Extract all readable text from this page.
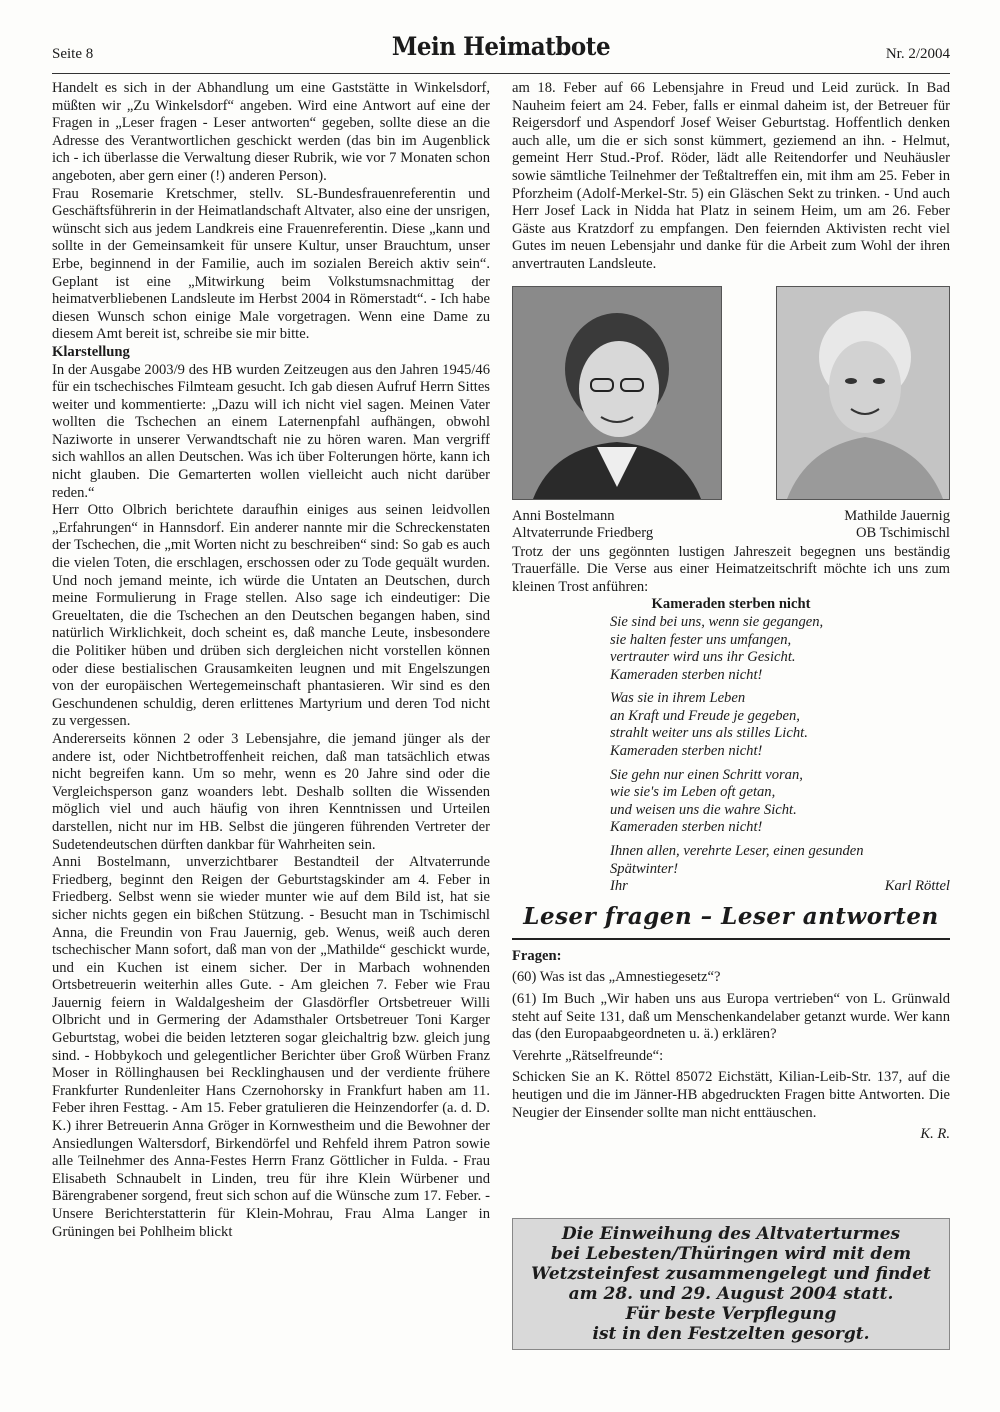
Seite 8	Mein Heimatbote	Nr. 2/2004

Handelt es sich in der Abhandlung um eine Gaststätte in Winkelsdorf, müßten wir „Zu Winkelsdorf“ angeben. Wird eine Antwort auf eine der Fragen in „Leser fragen - Leser antworten“ gegeben, sollte diese an die Adresse des Verantwortlichen geschickt werden (das bin im Augenblick ich - ich überlasse die Verwaltung dieser Rubrik, wie vor 7 Monaten schon angeboten, aber gern einer (!) anderen Person).

Frau Rosemarie Kretschmer, stellv. SL-Bundesfrauenreferentin und Geschäftsführerin in der Heimatlandschaft Altvater, also eine der unsrigen, wünscht sich aus jedem Landkreis eine Frauenreferentin. Diese „kann und sollte in der Gemeinsamkeit für unsere Kultur, unser Brauchtum, unser Erbe, beginnend in der Familie, auch im sozialen Bereich aktiv sein“. Geplant ist eine „Mitwirkung beim Volkstumsnachmittag der heimatverbliebenen Landsleute im Herbst 2004 in Römerstadt“. - Ich habe diesen Wunsch schon einige Male vorgetragen. Wenn eine Dame zu diesem Amt bereit ist, schreibe sie mir bitte.

Klarstellung

In der Ausgabe 2003/9 des HB wurden Zeitzeugen aus den Jahren 1945/46 für ein tschechisches Filmteam gesucht. Ich gab diesen Aufruf Herrn Sittes weiter und kommentierte: „Dazu will ich nicht viel sagen. Meinen Vater wollten die Tschechen an einem Laternenpfahl aufhängen, obwohl Naziworte in unserer Verwandtschaft nie zu hören waren. Man vergriff sich wahllos an allen Deutschen. Was ich über Folterungen hörte, kann ich nicht glauben. Die Gemarterten wollen vielleicht auch nicht darüber reden.“

Herr Otto Olbrich berichtete daraufhin einiges aus seinen leidvollen „Erfahrungen“ in Hannsdorf. Ein anderer nannte mir die Schreckenstaten der Tschechen, die „mit Worten nicht zu beschreiben“ sind: So gab es auch die vielen Toten, die erschlagen, erschossen oder zu Tode gequält wurden. Und noch jemand meinte, ich würde die Untaten an Deutschen, durch meine Formulierung in Frage stellen. Also sage ich eindeutiger: Die Greueltaten, die die Tschechen an den Deutschen begangen haben, sind natürlich Wirklichkeit, doch scheint es, daß manche Leute, insbesondere die Politiker hüben und drüben sich dergleichen nicht vorstellen können oder diese bestialischen Grausamkeiten leugnen und mit Engelszungen von der europäischen Wertegemeinschaft phantasieren. Wir sind es den Geschundenen schuldig, deren erlittenes Martyrium und deren Tod nicht zu vergessen.

Andererseits können 2 oder 3 Lebensjahre, die jemand jünger als der andere ist, oder Nichtbetroffenheit reichen, daß man tatsächlich etwas nicht begreifen kann. Um so mehr, wenn es 20 Jahre sind oder die Vergleichsperson ganz woanders lebt. Deshalb sollten die Wissenden möglich viel und auch häufig von ihren Kenntnissen und Urteilen darstellen, nicht nur im HB. Selbst die jüngeren führenden Vertreter der Sudetendeutschen dürften dankbar für Wahrheiten sein.

Anni Bostelmann, unverzichtbarer Bestandteil der Altvaterrunde Friedberg, beginnt den Reigen der Geburtstagskinder am 4. Feber in Friedberg. Selbst wenn sie wieder munter wie auf dem Bild ist, hat sie sicher nichts gegen ein bißchen Stützung. - Besucht man in Tschimischl Anna, die Freundin von Frau Jauernig, geb. Wenus, weiß auch deren tschechischer Mann sofort, daß man von der „Mathilde“ geschickt wurde, und ein Kuchen ist einem sicher. Der in Marbach wohnenden Ortsbetreuerin weiterhin alles Gute. - Am gleichen 7. Feber wie Frau Jauernig feiern in Waldalgesheim der Glasdörfler Ortsbetreuer Willi Olbricht und in Germering der Adamsthaler Ortsbetreuer Toni Karger Geburtstag, wobei die beiden letzteren sogar gleichaltrig bzw. gleich jung sind. - Hobbykoch und gelegentlicher Berichter über Groß Würben Franz Moser in Röllinghausen bei Recklinghausen und der verdiente frühere Frankfurter Rundenleiter Hans Czernohorsky in Frankfurt haben am 11. Feber ihren Festtag. - Am 15. Feber gratulieren die Heinzendorfer (a. d. D. K.) ihrer Betreuerin Anna Gröger in Kornwestheim und die Bewohner der Ansiedlungen Waltersdorf, Birkendörfel und Rehfeld ihrem Patron sowie alle Teilnehmer des Anna-Festes Herrn Franz Göttlicher in Fulda. - Frau Elisabeth Schnaubelt in Linden, treu für ihre Klein Würbener und Bärengrabener sorgend, freut sich schon auf die Wünsche zum 17. Feber. - Unsere Berichterstatterin für Klein-Mohrau, Frau Alma Langer in Grüningen bei Pohlheim blickt

am 18. Feber auf 66 Lebensjahre in Freud und Leid zurück. In Bad Nauheim feiert am 24. Feber, falls er einmal daheim ist, der Betreuer für Reigersdorf und Aspendorf Josef Weiser Geburtstag. Hoffentlich denken auch alle, um die er sich sonst kümmert, geziemend an ihn. - Helmut, gemeint Herr Stud.-Prof. Röder, lädt alle Reitendorfer und Neuhäusler sowie sämtliche Teilnehmer der Teßtaltreffen ein, mit ihm am 25. Feber in Pforzheim (Adolf-Merkel-Str. 5) ein Gläschen Sekt zu trinken. - Und auch Herr Josef Lack in Nidda hat Platz in seinem Heim, um am 26. Feber Gäste aus Kratzdorf zu empfangen. Den feiernden Aktivisten recht viel Gutes im neuen Lebensjahr und danke für die Arbeit zum Wohl der ihren anvertrauten Landsleute.

Anni Bostelmann
Altvaterrunde Friedberg
Mathilde Jauernig
OB Tschimischl

Trotz der uns gegönnten lustigen Jahreszeit begegnen uns beständig Trauerfälle. Die Verse aus einer Heimatzeitschrift möchte ich uns zum kleinen Trost anführen:

Kameraden sterben nicht

Sie sind bei uns, wenn sie gegangen,
sie halten fester uns umfangen,
vertrauter wird uns ihr Gesicht.
Kameraden sterben nicht!
Was sie in ihrem Leben
an Kraft und Freude je gegeben,
strahlt weiter uns als stilles Licht.
Kameraden sterben nicht!
Sie gehn nur einen Schritt voran,
wie sie's im Leben oft getan,
und weisen uns die wahre Sicht.
Kameraden sterben nicht!
Ihnen allen, verehrte Leser, einen gesunden
Spätwinter!
Ihr	Karl Röttel
Leser fragen – Leser antworten

Fragen:

(60) Was ist das „Amnestiegesetz“?

(61) Im Buch „Wir haben uns aus Europa vertrieben“ von L. Grünwald steht auf Seite 131, daß um Menschenkandelaber getanzt wurde. Wer kann das (den Europaabgeordneten u. ä.) erklären?

Verehrte „Rätselfreunde“:

Schicken Sie an K. Röttel 85072 Eichstätt, Kilian-Leib-Str. 137, auf die heutigen und die im Jänner-HB abgedruckten Fragen bitte Antworten. Die Neugier der Einsender sollte man nicht enttäuschen.

K. R.

Die Einweihung des Altvaterturmes
bei Lebesten/Thüringen wird mit dem
Wetzsteinfest zusammengelegt und findet
am 28. und 29. August 2004 statt.
Für beste Verpflegung
ist in den Festzelten gesorgt.
